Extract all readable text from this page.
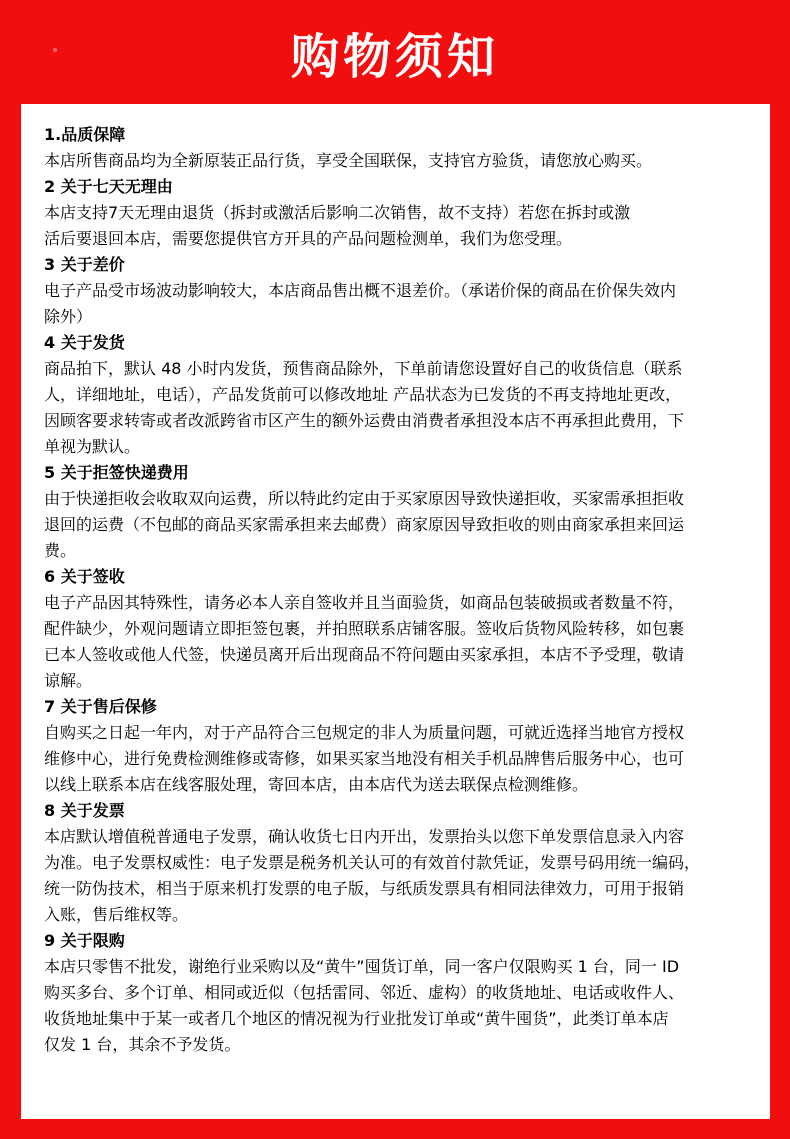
购物须知
1.品质保障
本店所售商品均为全新原装正品行货，享受全国联保，支持官方验货，请您放心购买。
2 关于七天无理由
本店支持7天无理由退货（拆封或激活后影响二次销售，故不支持）若您在拆封或激
活后要退回本店，需要您提供官方开具的产品问题检测单，我们为您受理。
3 关于差价
电子产品受市场波动影响较大，本店商品售出概不退差价。（承诺价保的商品在价保失效内
除外）
4 关于发货
商品拍下，默认 48 小时内发货，预售商品除外，下单前请您设置好自己的收货信息（联系
人，详细地址，电话），产品发货前可以修改地址 产品状态为已发货的不再支持地址更改，
因顾客要求转寄或者改派跨省市区产生的额外运费由消费者承担没本店不再承担此费用，下
单视为默认。
5 关于拒签快递费用
由于快递拒收会收取双向运费，所以特此约定由于买家原因导致快递拒收，买家需承担拒收
退回的运费（不包邮的商品买家需承担来去邮费）商家原因导致拒收的则由商家承担来回运
费。
6 关于签收
电子产品因其特殊性，请务必本人亲自签收并且当面验货，如商品包装破损或者数量不符，
配件缺少，外观问题请立即拒签包裹，并拍照联系店铺客服。签收后货物风险转移，如包裹
已本人签收或他人代签，快递员离开后出现商品不符问题由买家承担，本店不予受理，敬请
谅解。
7 关于售后保修
自购买之日起一年内，对于产品符合三包规定的非人为质量问题，可就近选择当地官方授权
维修中心，进行免费检测维修或寄修，如果买家当地没有相关手机品牌售后服务中心，也可
以线上联系本店在线客服处理，寄回本店，由本店代为送去联保点检测维修。
8 关于发票
本店默认增值税普通电子发票，确认收货七日内开出，发票抬头以您下单发票信息录入内容
为准。电子发票权威性：电子发票是税务机关认可的有效首付款凭证，发票号码用统一编码，
统一防伪技术，相当于原来机打发票的电子版，与纸质发票具有相同法律效力，可用于报销
入账，售后维权等。
9 关于限购
本店只零售不批发，谢绝行业采购以及“黄牛”囤货订单，同一客户仅限购买 1 台，同一 ID
购买多台、多个订单、相同或近似（包括雷同、邻近、虚构）的收货地址、电话或收件人、
收货地址集中于某一或者几个地区的情况视为行业批发订单或“黄牛囤货”，此类订单本店
仅发 1 台，其余不予发货。
